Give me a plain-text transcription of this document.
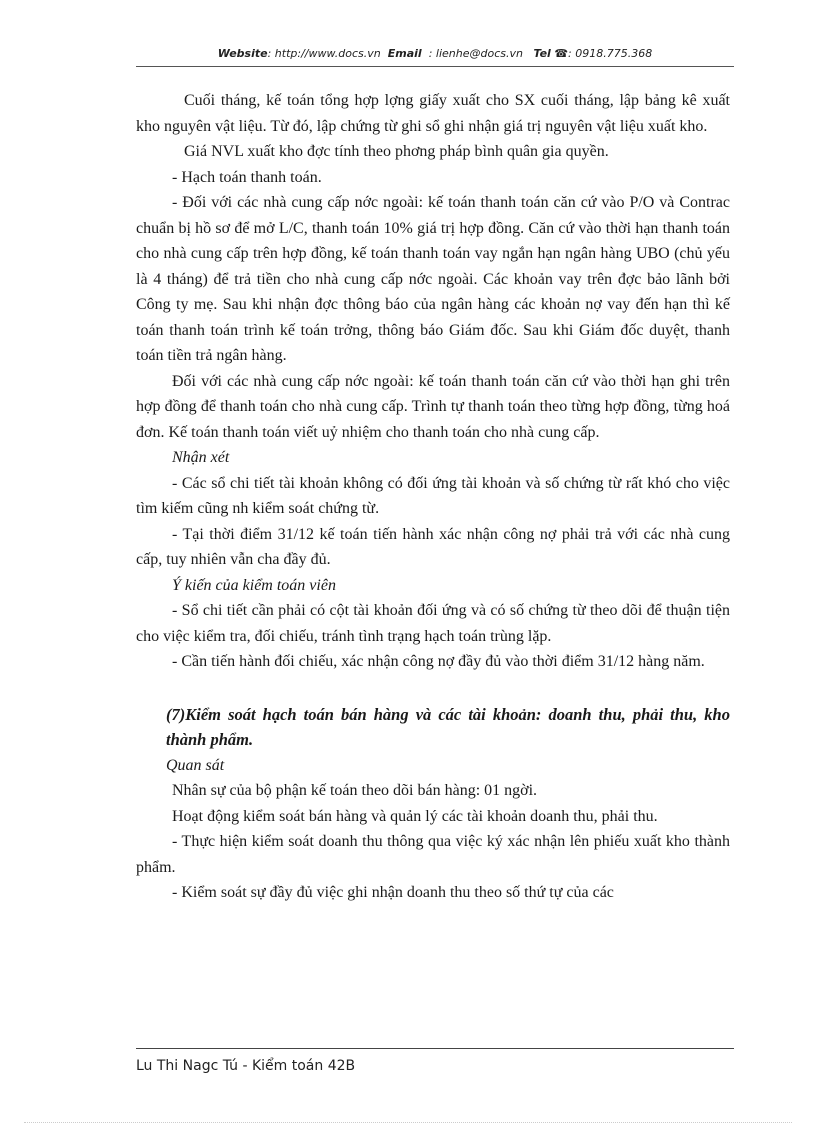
Website: http://www.docs.vn Email : lienhe@docs.vn Tel ☎: 0918.775.368

Cuối tháng, kế toán tổng hợp lợng giấy xuất cho SX cuối tháng, lập bảng kê xuất kho nguyên vật liệu. Từ đó, lập chứng từ ghi sổ ghi nhận giá trị nguyên vật liệu xuất kho.

Giá NVL xuất kho đợc tính theo phơng pháp bình quân gia quyền.

- Hạch toán thanh toán.

- Đối với các nhà cung cấp nớc ngoài: kế toán thanh toán căn cứ vào P/O và Contrac chuẩn bị hồ sơ để mở L/C, thanh toán 10% giá trị hợp đồng. Căn cứ vào thời hạn thanh toán cho nhà cung cấp trên hợp đồng, kế toán thanh toán vay ngắn hạn ngân hàng UBO (chủ yếu là 4 tháng) để trả tiền cho nhà cung cấp nớc ngoài. Các khoản vay trên đợc bảo lãnh bởi Công ty mẹ. Sau khi nhận đợc thông báo của ngân hàng các khoản nợ vay đến hạn thì kế toán thanh toán trình kế toán trởng, thông báo Giám đốc. Sau khi Giám đốc duyệt, thanh toán tiền trả ngân hàng.

Đối với các nhà cung cấp nớc ngoài: kế toán thanh toán căn cứ vào thời hạn ghi trên hợp đồng để thanh toán cho nhà cung cấp. Trình tự thanh toán theo từng hợp đồng, từng hoá đơn. Kế toán thanh toán viết uỷ nhiệm cho thanh toán cho nhà cung cấp.

Nhận xét

- Các sổ chi tiết tài khoản không có đối ứng tài khoản và số chứng từ rất khó cho việc tìm kiếm cũng nh kiểm soát chứng từ.

- Tại thời điểm 31/12 kế toán tiến hành xác nhận công nợ phải trả với các nhà cung cấp, tuy nhiên vẫn cha đầy đủ.

Ý kiến của kiểm toán viên

- Sổ chi tiết cần phải có cột tài khoản đối ứng và có số chứng từ theo dõi để thuận tiện cho việc kiểm tra, đối chiếu, tránh tình trạng hạch toán trùng lặp.

- Cần tiến hành đối chiếu, xác nhận công nợ đầy đủ vào thời điểm 31/12 hàng năm.

(7)Kiểm soát hạch toán bán hàng và các tài khoản: doanh thu, phải thu, kho thành phẩm.

Quan sát

Nhân sự của bộ phận kế toán theo dõi bán hàng: 01 ngời.

Hoạt động kiểm soát bán hàng và quản lý các tài khoản doanh thu, phải thu.

- Thực hiện kiểm soát doanh thu thông qua việc ký xác nhận lên phiếu xuất kho thành phẩm.

- Kiểm soát sự đầy đủ việc ghi nhận doanh thu theo số thứ tự của các

Lu Thi Nagc Tú - Kiểm toán 42B
